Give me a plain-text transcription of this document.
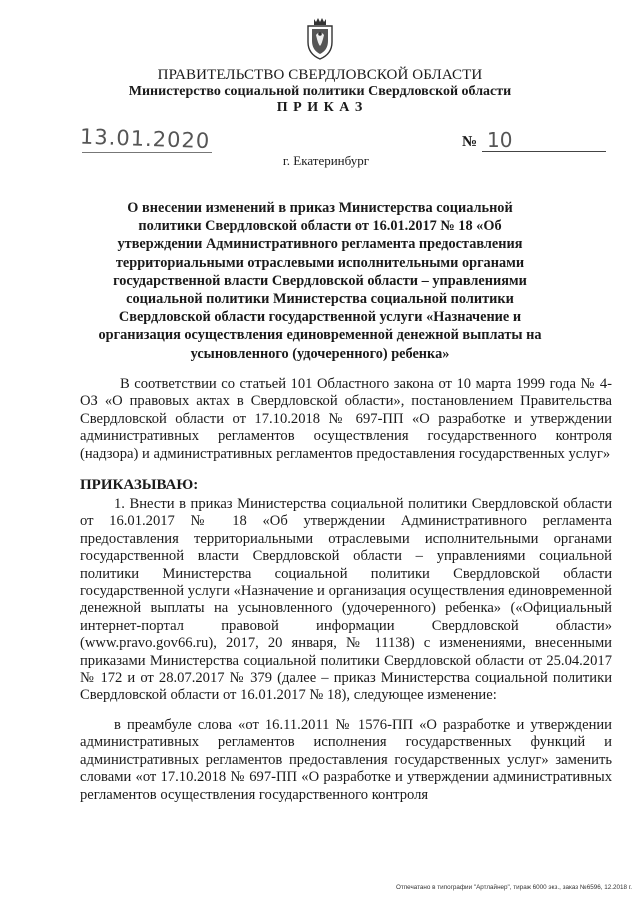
ПРАВИТЕЛЬСТВО СВЕРДЛОВСКОЙ ОБЛАСТИ
Министерство социальной политики Свердловской области
П Р И К А З
13.01.2020	№ 10
г. Екатеринбург
О внесении изменений в приказ Министерства социальной политики Свердловской области от 16.01.2017 № 18 «Об утверждении Административного регламента предоставления территориальными отраслевыми исполнительными органами государственной власти Свердловской области – управлениями социальной политики Министерства социальной политики Свердловской области государственной услуги «Назначение и организация осуществления единовременной денежной выплаты на усыновленного (удочеренного) ребенка»
В соответствии со статьей 101 Областного закона от 10 марта 1999 года № 4-ОЗ «О правовых актах в Свердловской области», постановлением Правительства Свердловской области от 17.10.2018 № 697-ПП «О разработке и утверждении административных регламентов осуществления государственного контроля (надзора) и административных регламентов предоставления государственных услуг»
ПРИКАЗЫВАЮ:
1. Внести в приказ Министерства социальной политики Свердловской области от 16.01.2017 № 18 «Об утверждении Административного регламента предоставления территориальными отраслевыми исполнительными органами государственной власти Свердловской области – управлениями социальной политики Министерства социальной политики Свердловской области государственной услуги «Назначение и организация осуществления единовременной денежной выплаты на усыновленного (удочеренного) ребенка» («Официальный интернет-портал правовой информации Свердловской области» (www.pravo.gov66.ru), 2017, 20 января, № 11138) с изменениями, внесенными приказами Министерства социальной политики Свердловской области от 25.04.2017 № 172 и от 28.07.2017 № 379 (далее – приказ Министерства социальной политики Свердловской области от 16.01.2017 № 18), следующее изменение:
в преамбуле слова «от 16.11.2011 № 1576-ПП «О разработке и утверждении административных регламентов исполнения государственных функций и административных регламентов предоставления государственных услуг» заменить словами «от 17.10.2018 № 697-ПП «О разработке и утверждении административных регламентов осуществления государственного контроля
Отпечатано в типографии "Артлайнер", тираж 6000 экз., заказ №6596, 12.2018 г.
